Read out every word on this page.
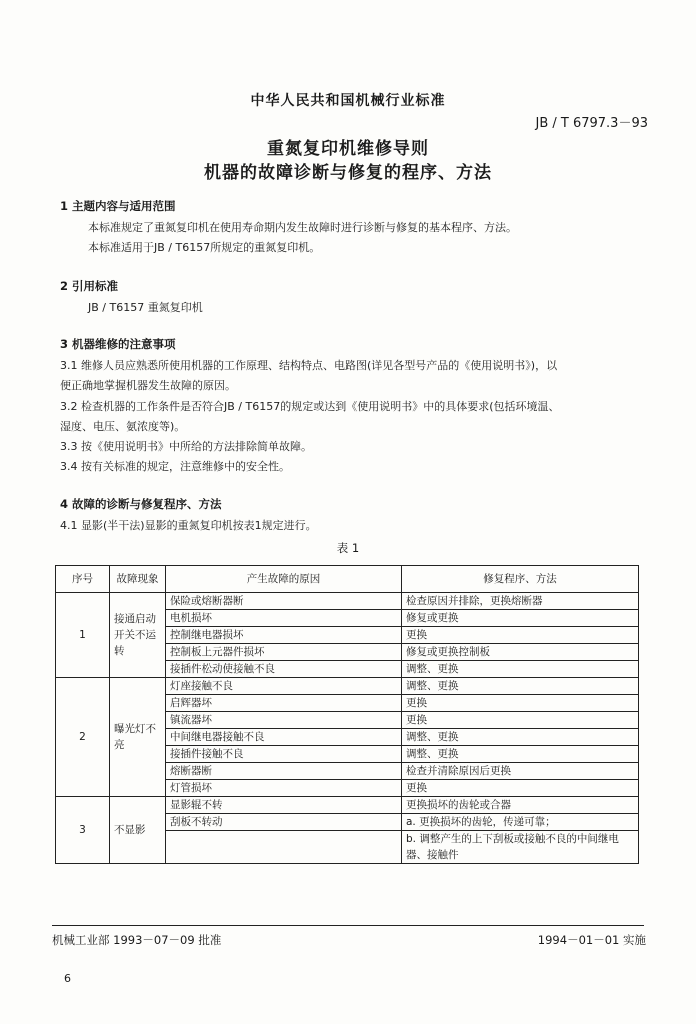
中华人民共和国机械行业标准
JB / T 6797.3－93
重氮复印机维修导则
机器的故障诊断与修复的程序、方法
1 主题内容与适用范围
本标准规定了重氮复印机在使用寿命期内发生故障时进行诊断与修复的基本程序、方法。
本标准适用于JB / T6157所规定的重氮复印机。
2 引用标准
JB / T6157 重氮复印机
3 机器维修的注意事项
3.1 维修人员应熟悉所使用机器的工作原理、结构特点、电路图(详见各型号产品的《使用说明书》)，以
便正确地掌握机器发生故障的原因。
3.2 检查机器的工作条件是否符合JB / T6157的规定或达到《使用说明书》中的具体要求(包括环境温、
湿度、电压、氨浓度等)。
3.3 按《使用说明书》中所给的方法排除简单故障。
3.4 按有关标准的规定，注意维修中的安全性。
4 故障的诊断与修复程序、方法
4.1 显影(半干法)显影的重氮复印机按表1规定进行。
表 1
序号	故障现象	产生故障的原因	修复程序、方法
1	接通启动开关不运转	保险或熔断器断	检查原因并排除，更换熔断器
		电机损坏	修复或更换
		控制继电器损坏	更换
		控制板上元器件损坏	修复或更换控制板
		接插件松动使接触不良	调整、更换
2	曝光灯不亮	灯座接触不良	调整、更换
		启辉器坏	更换
		镇流器坏	更换
		中间继电器接触不良	调整、更换
		接插件接触不良	调整、更换
		熔断器断	检查并清除原因后更换
		灯管损坏	更换
3	不显影	显影辊不转	更换损坏的齿轮或合器
		刮板不转动	a. 更换损坏的齿轮，传递可靠；
			b. 调整产生的上下刮板或接触不良的中间继电器、接触件
机械工业部 1993－07－09 批准	1994－01－01 实施
6
